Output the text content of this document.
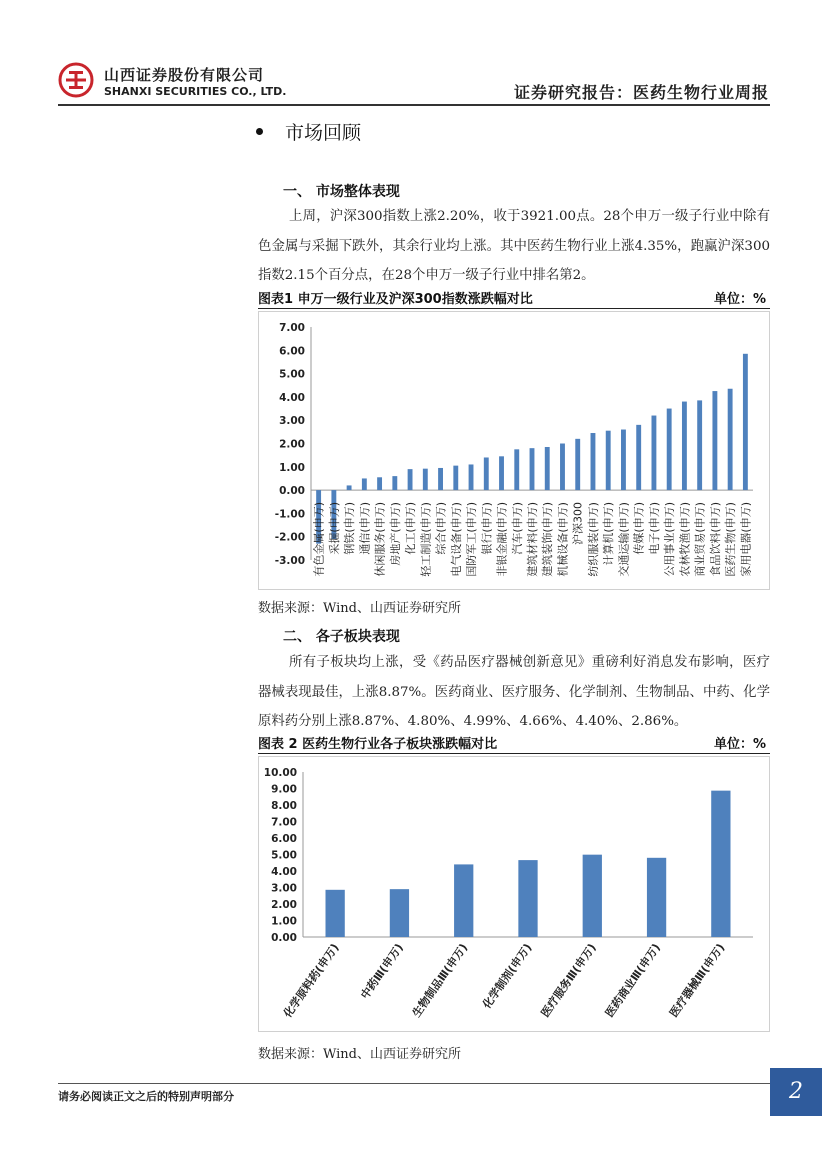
山西证券股份有限公司
SHANXI SECURITIES CO., LTD.	证券研究报告：医药生物行业周报
市场回顾
一、 市场整体表现
上周，沪深300指数上涨2.20%，收于3921.00点。28个申万一级子行业中除有色金属与采掘下跌外，其余行业均上涨。其中医药生物行业上涨4.35%，跑赢沪深300指数2.15个百分点，在28个申万一级子行业中排名第2。
图表1 申万一级行业及沪深300指数涨跌幅对比	单位：%
7.00
6.00
5.00
4.00
3.00
2.00
1.00
0.00
-1.00
-2.00
-3.00 有色金属(申万) 采掘(申万) 钢铁(申万) 通信(申万) 休闲服务(申万) 房地产(申万) 化工(申万) 轻工制造(申万) 综合(申万) 电气设备(申万) 国防军工(申万) 银行(申万) 非银金融(申万) 汽车(申万) 建筑材料(申万) 建筑装饰(申万) 机械设备(申万) 沪深300 纺织服装(申万) 计算机(申万) 交通运输(申万) 传媒(申万) 电子(申万) 公用事业(申万) 农林牧渔(申万) 商业贸易(申万) 食品饮料(申万) 医药生物(申万) 家用电器(申万)
数据来源：Wind、山西证券研究所
二、 各子板块表现
所有子板块均上涨，受《药品医疗器械创新意见》重磅利好消息发布影响，医疗器械表现最佳，上涨8.87%。医药商业、医疗服务、化学制剂、生物制品、中药、化学原料药分别上涨8.87%、4.80%、4.99%、4.66%、4.40%、2.86%。
图表 2 医药生物行业各子板块涨跌幅对比	单位：%
10.00
9.00
8.00
7.00
6.00
5.00
4.00
3.00
2.00
1.00
0.00
化学原料药(申万) 中药Ⅲ(申万) 生物制品Ⅲ(申万) 化学制剂(申万) 医疗服务Ⅲ(申万) 医药商业Ⅲ(申万) 医疗器械Ⅲ(申万)
数据来源：Wind、山西证券研究所
请务必阅读正文之后的特别声明部分	2
